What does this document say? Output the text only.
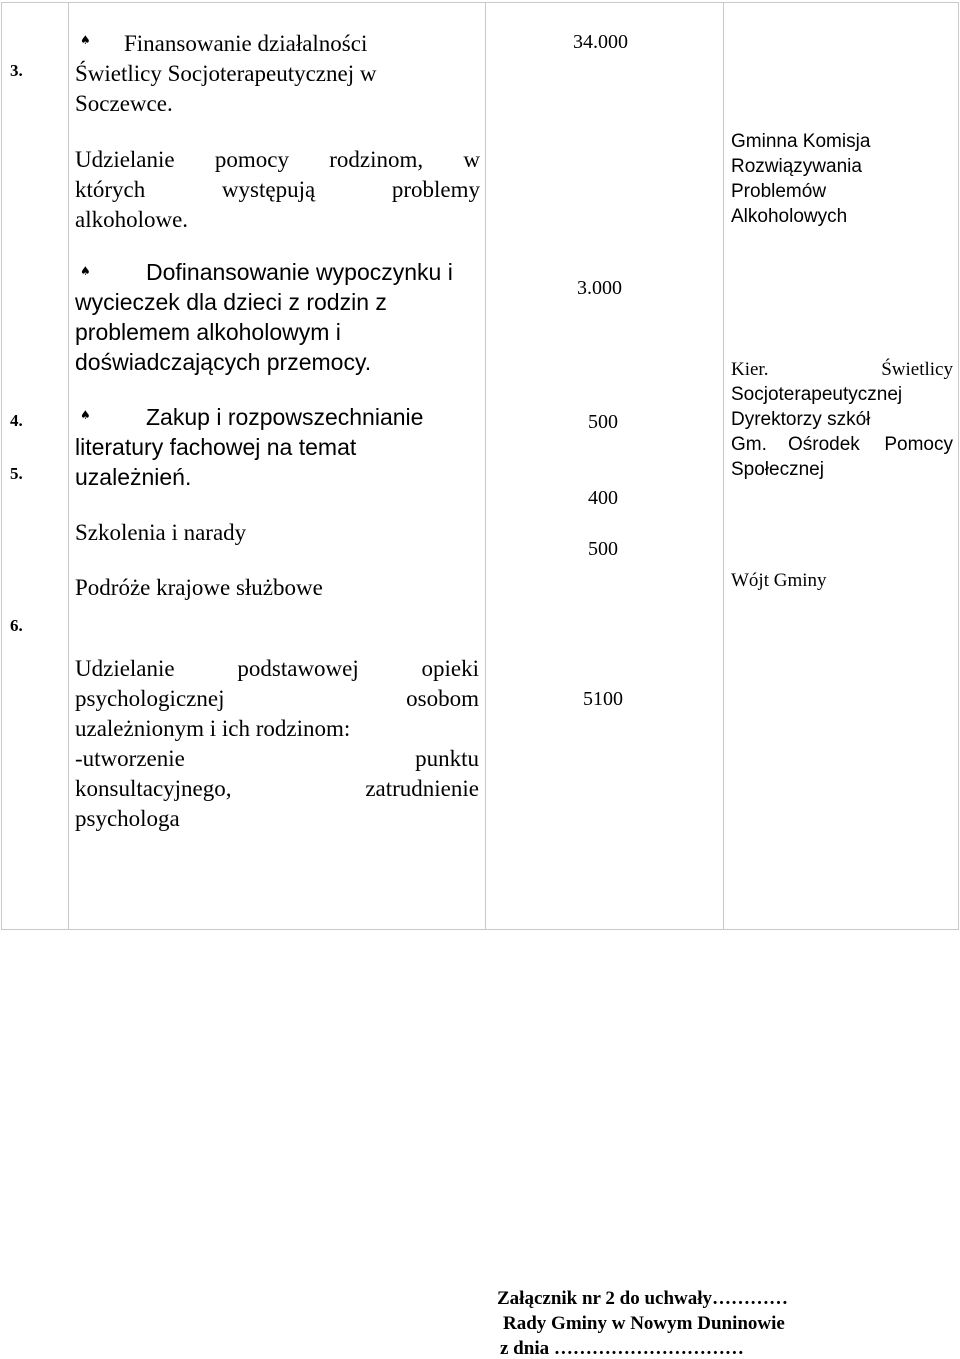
3.
♠ Finansowanie działalności
Świetlicy Socjoterapeutycznej w
Soczewce.
Udzielanie pomocy rodzinom, w
których występują problemy
alkoholowe.
34.000
Gminna Komisja
Rozwiązywania
Problemów
Alkoholowych
4.
♠ Dofinansowanie wypoczynku i
wycieczek dla dzieci z rodzin z
problemem alkoholowym i
doświadczających przemocy.
3.000
5.
♠ Zakup i rozpowszechnianie
literatury fachowej na temat
uzależnień.
500
Szkolenia i narady
400
Podróże krajowe służbowe
500
Kier.	Świetlicy
Socjoterapeutycznej
Dyrektorzy szkół
Gm. Ośrodek Pomocy
Społecznej
Wójt Gminy
6.
Udzielanie podstawowej opieki
psychologicznej osobom
uzależnionym i ich rodzinom:
-utworzenie punktu
konsultacyjnego, zatrudnienie
psychologa
5100
Załącznik nr 2 do uchwały…………
Rady Gminy w Nowym Duninowie
z dnia …………………………
